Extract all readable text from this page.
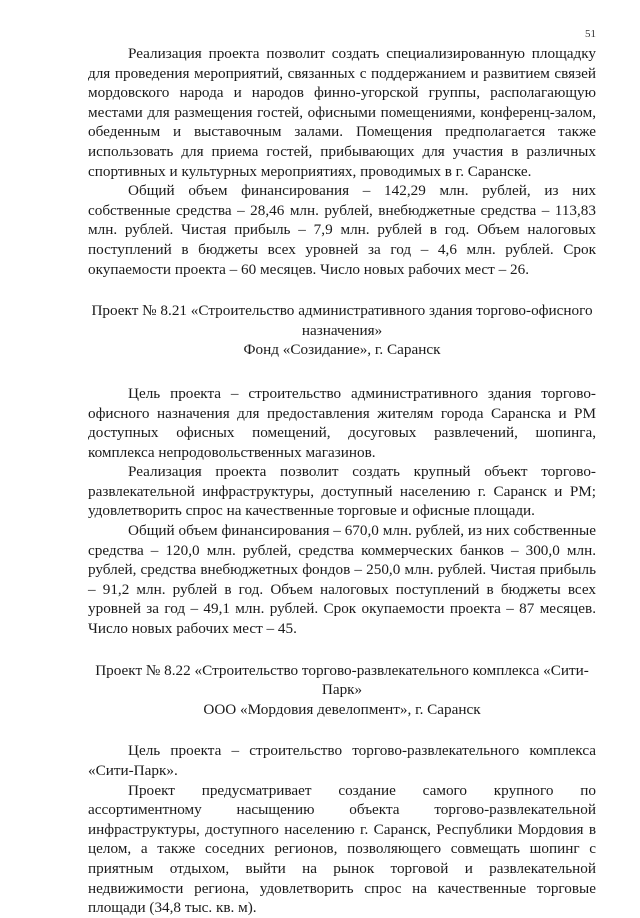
51

Реализация проекта позволит создать специализированную площадку для проведения мероприятий, связанных с поддержанием и развитием связей мордовского народа и народов финно-угорской группы, располагающую местами для размещения гостей, офисными помещениями, конференц-залом, обеденным и выставочным залами. Помещения предполагается также использовать для приема гостей, прибывающих для участия в различных спортивных и культурных мероприятиях, проводимых в г. Саранске.

Общий объем финансирования – 142,29 млн. рублей, из них собственные средства – 28,46 млн. рублей, внебюджетные средства – 113,83 млн. рублей. Чистая прибыль – 7,9 млн. рублей в год. Объем налоговых поступлений в бюджеты всех уровней за год – 4,6 млн. рублей. Срок окупаемости проекта – 60 месяцев. Число новых рабочих мест – 26.

Проект № 8.21 «Строительство административного здания торгово-офисного назначения»

Фонд «Созидание», г. Саранск

Цель проекта – строительство административного здания торгово-офисного назначения для предоставления жителям города Саранска и РМ доступных офисных помещений, досуговых развлечений, шопинга, комплекса непродовольственных магазинов.

Реализация проекта позволит создать крупный объект торгово-развлекательной инфраструктуры, доступный населению г. Саранск и РМ; удовлетворить спрос на качественные торговые и офисные площади.

Общий объем финансирования – 670,0 млн. рублей, из них собственные средства – 120,0 млн. рублей, средства коммерческих банков – 300,0 млн. рублей, средства внебюджетных фондов – 250,0 млн. рублей. Чистая прибыль – 91,2 млн. рублей в год. Объем налоговых поступлений в бюджеты всех уровней за год – 49,1 млн. рублей. Срок окупаемости проекта – 87 месяцев. Число новых рабочих мест – 45.

Проект № 8.22 «Строительство торгово-развлекательного комплекса «Сити-Парк»

ООО «Мордовия девелопмент», г. Саранск

Цель проекта – строительство торгово-развлекательного комплекса «Сити-Парк».

Проект предусматривает создание самого крупного по ассортиментному насыщению объекта торгово-развлекательной инфраструктуры, доступного населению г. Саранск, Республики Мордовия в целом, а также соседних регионов, позволяющего совмещать шопинг с приятным отдыхом, выйти на рынок торговой и развлекательной недвижимости региона, удовлетворить спрос на качественные торговые площади (34,8 тыс. кв. м).
